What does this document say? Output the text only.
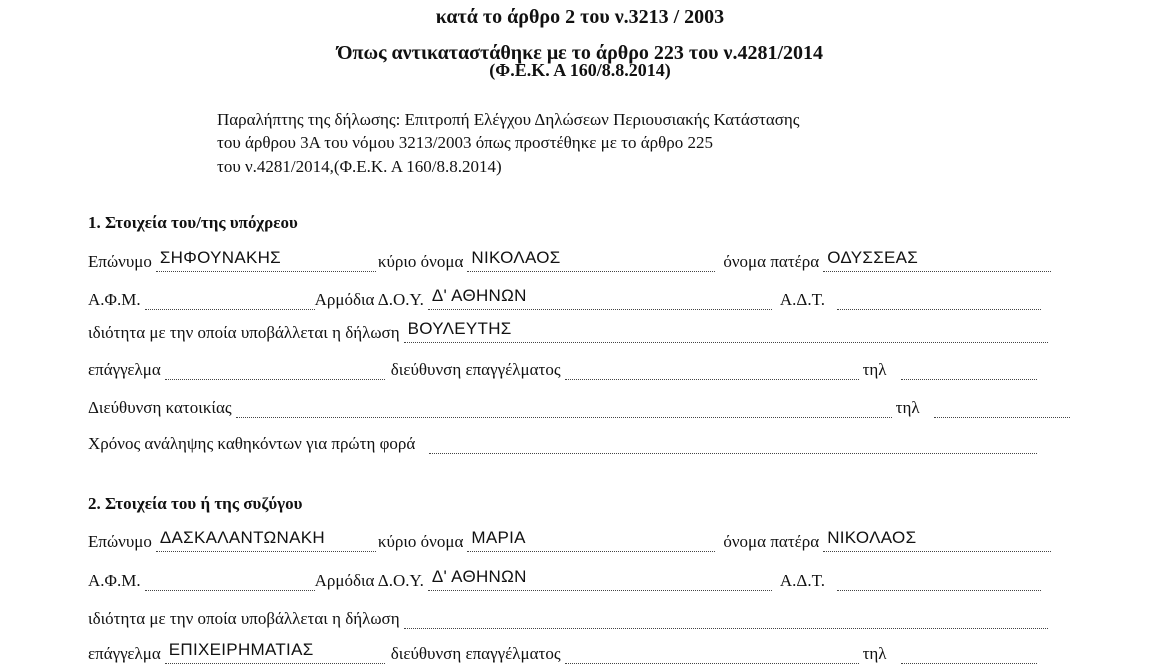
κατά το άρθρο 2 του ν.3213 / 2003
Όπως αντικαταστάθηκε με το άρθρο 223 του ν.4281/2014
(Φ.Ε.Κ. Α 160/8.8.2014)
Παραλήπτης της δήλωσης: Επιτροπή Ελέγχου Δηλώσεων Περιουσιακής Κατάστασης
του άρθρου 3Α του νόμου 3213/2003 όπως προστέθηκε με το άρθρο 225
του ν.4281/2014,(Φ.Ε.Κ. Α 160/8.8.2014)
1. Στοιχεία του/της υπόχρεου
Επώνυμο ΣΗΦΟΥΝΑΚΗΣ	κύριο όνομα ΝΙΚΟΛΑΟΣ	όνομα πατέρα ΟΔΥΣΣΕΑΣ
Α.Φ.Μ.	Αρμόδια Δ.Ο.Υ. Δ' ΑΘΗΝΩΝ	Α.Δ.Τ.
ιδιότητα με την οποία υποβάλλεται η δήλωση ΒΟΥΛΕΥΤΗΣ
επάγγελμα	διεύθυνση επαγγέλματος	τηλ
Διεύθυνση κατοικίας	τηλ
Χρόνος ανάληψης καθηκόντων για πρώτη φορά
2. Στοιχεία του ή της συζύγου
Επώνυμο ΔΑΣΚΑΛΑΝΤΩΝΑΚΗ	κύριο όνομα ΜΑΡΙΑ	όνομα πατέρα ΝΙΚΟΛΑΟΣ
Α.Φ.Μ.	Αρμόδια Δ.Ο.Υ. Δ' ΑΘΗΝΩΝ	Α.Δ.Τ.
ιδιότητα με την οποία υποβάλλεται η δήλωση
επάγγελμα ΕΠΙΧΕΙΡΗΜΑΤΙΑΣ	διεύθυνση επαγγέλματος	τηλ
